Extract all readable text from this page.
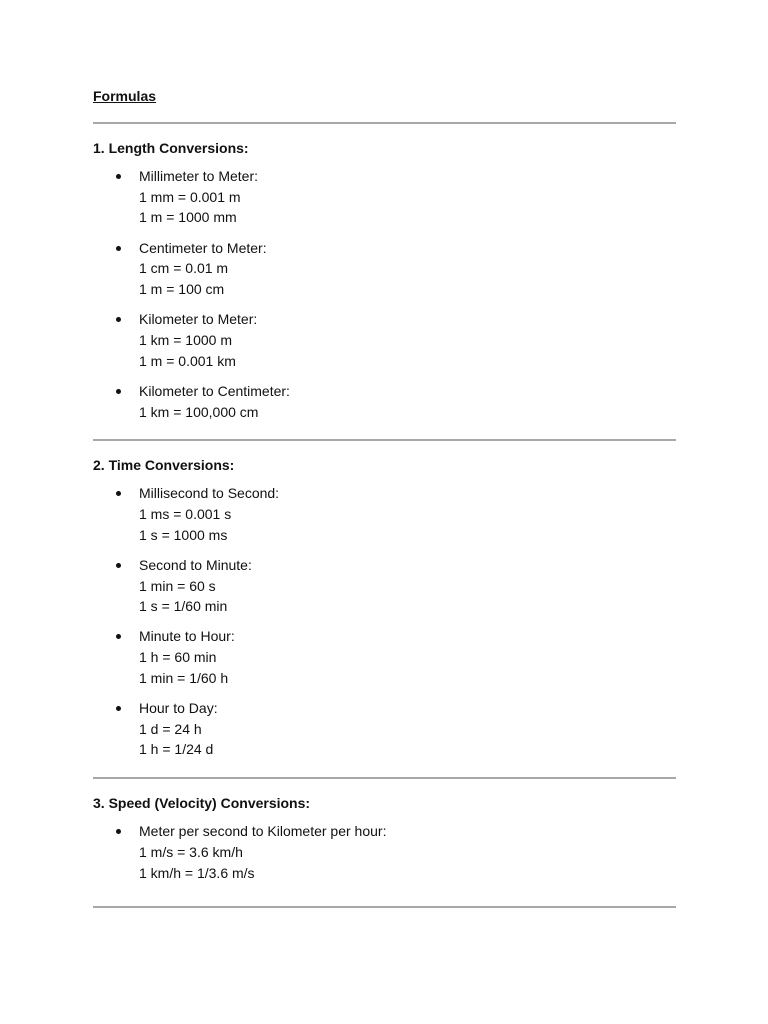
Formulas
1. Length Conversions:
Millimeter to Meter:
1 mm = 0.001 m
1 m = 1000 mm
Centimeter to Meter:
1 cm = 0.01 m
1 m = 100 cm
Kilometer to Meter:
1 km = 1000 m
1 m = 0.001 km
Kilometer to Centimeter:
1 km = 100,000 cm
2. Time Conversions:
Millisecond to Second:
1 ms = 0.001 s
1 s = 1000 ms
Second to Minute:
1 min = 60 s
1 s = 1/60 min
Minute to Hour:
1 h = 60 min
1 min = 1/60 h
Hour to Day:
1 d = 24 h
1 h = 1/24 d
3. Speed (Velocity) Conversions:
Meter per second to Kilometer per hour:
1 m/s = 3.6 km/h
1 km/h = 1/3.6 m/s
